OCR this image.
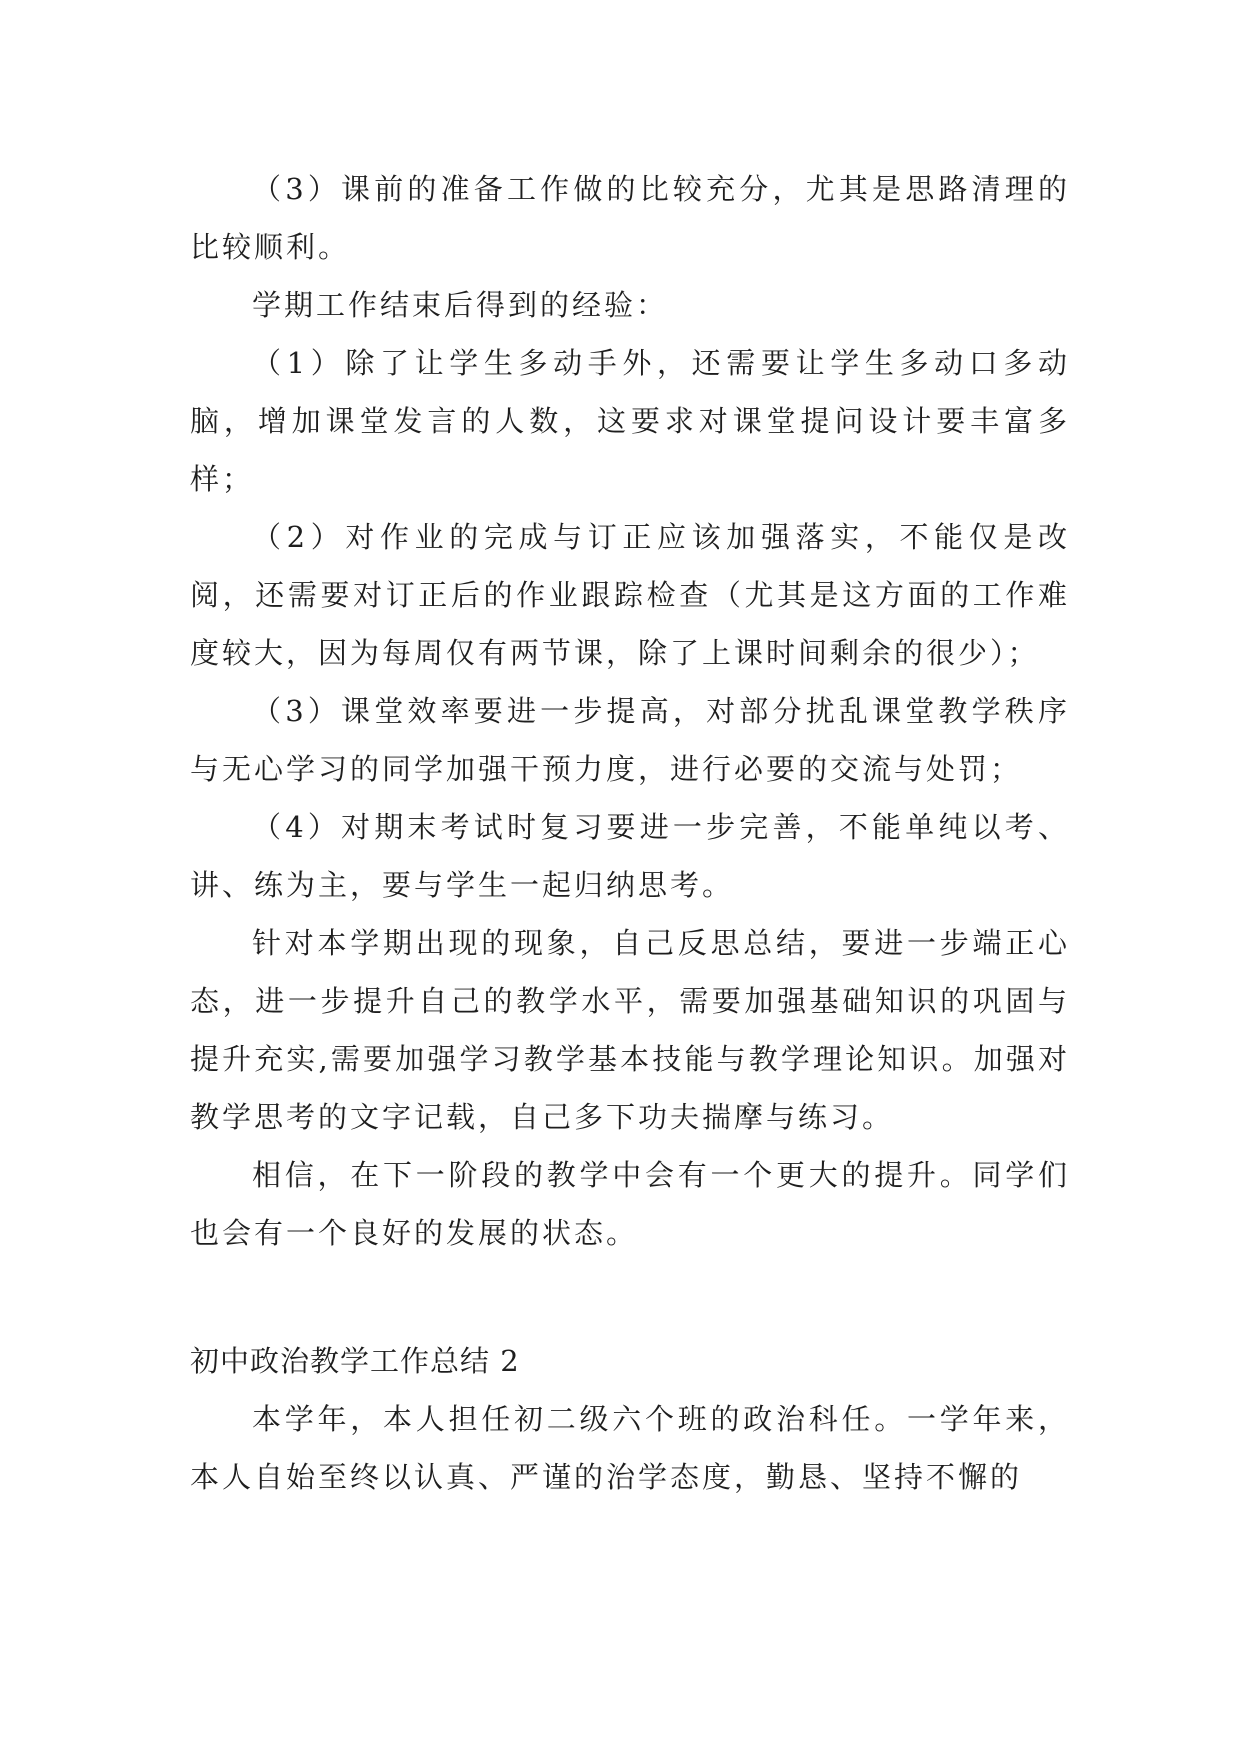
（3）课前的准备工作做的比较充分，尤其是思路清理的比较顺利。

学期工作结束后得到的经验：

（1）除了让学生多动手外，还需要让学生多动口多动脑，增加课堂发言的人数，这要求对课堂提问设计要丰富多样；

（2）对作业的完成与订正应该加强落实，不能仅是改阅，还需要对订正后的作业跟踪检查（尤其是这方面的工作难度较大，因为每周仅有两节课，除了上课时间剩余的很少）；

（3）课堂效率要进一步提高，对部分扰乱课堂教学秩序与无心学习的同学加强干预力度，进行必要的交流与处罚；

（4）对期末考试时复习要进一步完善，不能单纯以考、讲、练为主，要与学生一起归纳思考。

针对本学期出现的现象，自己反思总结，要进一步端正心态，进一步提升自己的教学水平，需要加强基础知识的巩固与提升充实,需要加强学习教学基本技能与教学理论知识。加强对教学思考的文字记载，自己多下功夫揣摩与练习。

相信，在下一阶段的教学中会有一个更大的提升。同学们也会有一个良好的发展的状态。

初中政治教学工作总结 2

本学年，本人担任初二级六个班的政治科任。一学年来，本人自始至终以认真、严谨的治学态度，勤恳、坚持不懈的
